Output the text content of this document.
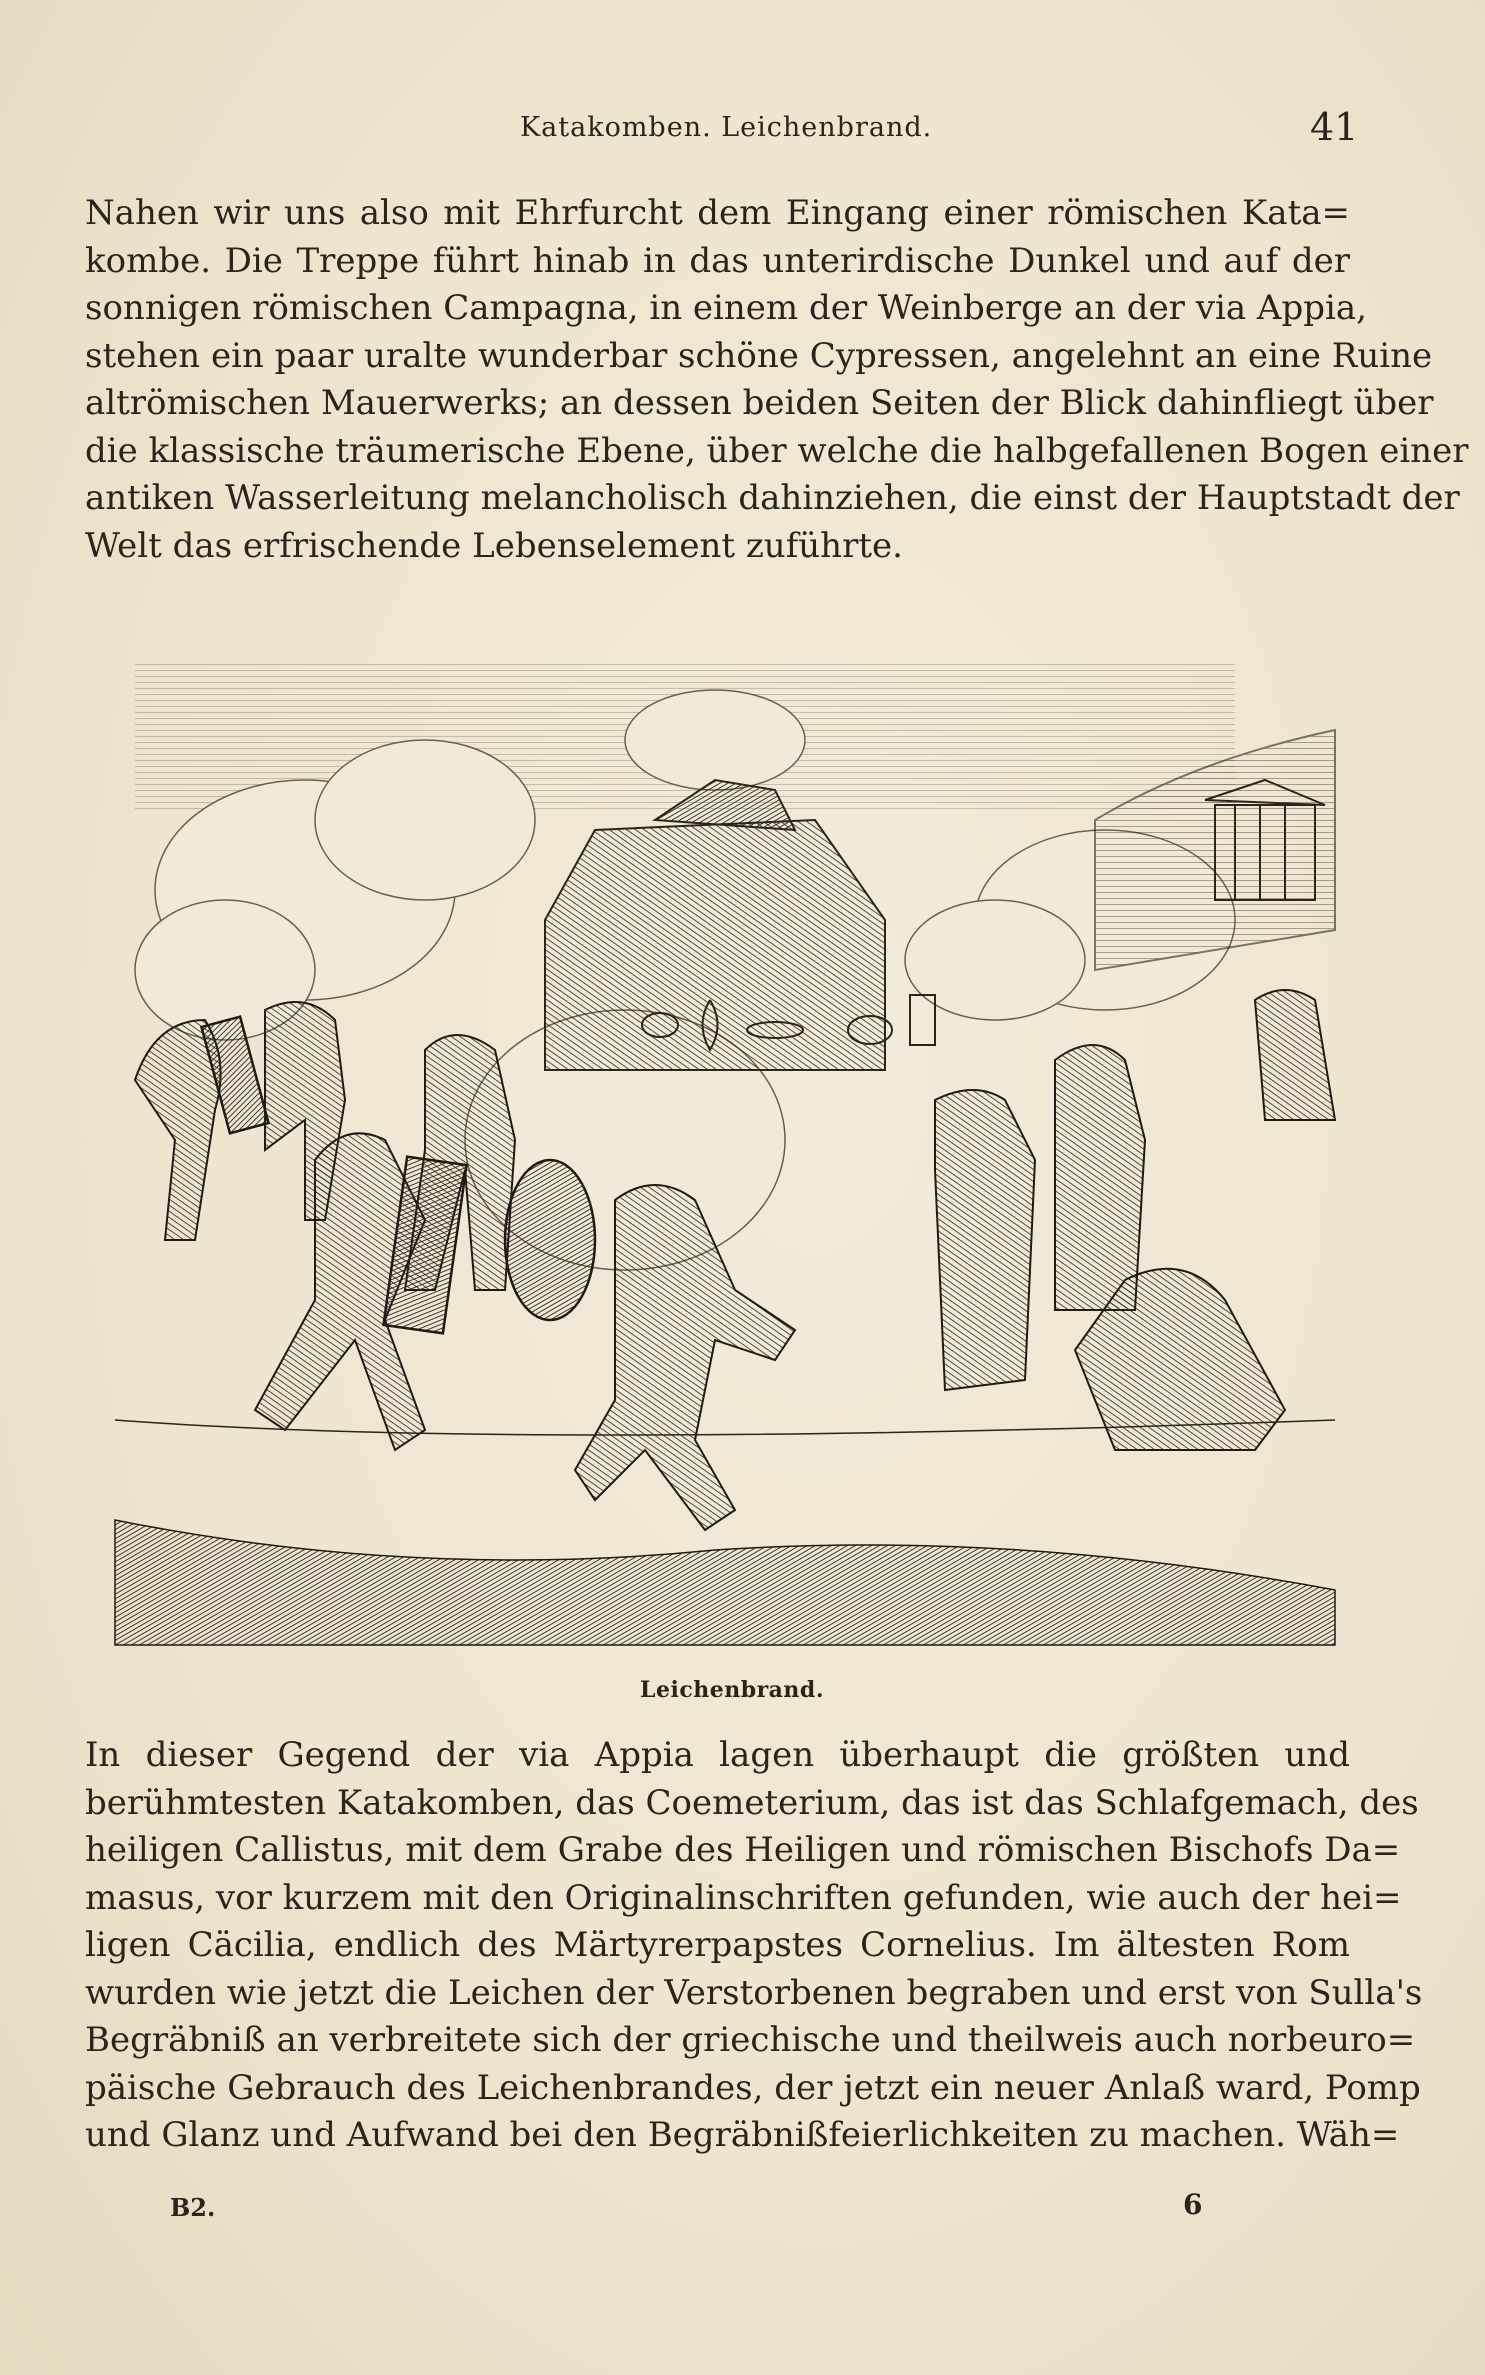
Katakomben. Leichenbrand.	41
Nahen wir uns also mit Ehrfurcht dem Eingang einer römischen Kata=
kombe. Die Treppe führt hinab in das unterirdische Dunkel und auf der
sonnigen römischen Campagna, in einem der Weinberge an der via Appia,
stehen ein paar uralte wunderbar schöne Cypressen, angelehnt an eine Ruine
altrömischen Mauerwerks; an dessen beiden Seiten der Blick dahinfliegt über
die klassische träumerische Ebene, über welche die halbgefallenen Bogen einer
antiken Wasserleitung melancholisch dahinziehen, die einst der Hauptstadt der
Welt das erfrischende Lebenselement zuführte.
Leichenbrand.
In dieser Gegend der via Appia lagen überhaupt die größten und
berühmtesten Katakomben, das Coemeterium, das ist das Schlafgemach, des
heiligen Callistus, mit dem Grabe des Heiligen und römischen Bischofs Da=
masus, vor kurzem mit den Originalinschriften gefunden, wie auch der hei=
ligen Cäcilia, endlich des Märtyrerpapstes Cornelius. Im ältesten Rom
wurden wie jetzt die Leichen der Verstorbenen begraben und erst von Sulla's
Begräbniß an verbreitete sich der griechische und theilweis auch norbeuro=
päische Gebrauch des Leichenbrandes, der jetzt ein neuer Anlaß ward, Pomp
und Glanz und Aufwand bei den Begräbnißfeierlichkeiten zu machen. Wäh=
B2.	6
